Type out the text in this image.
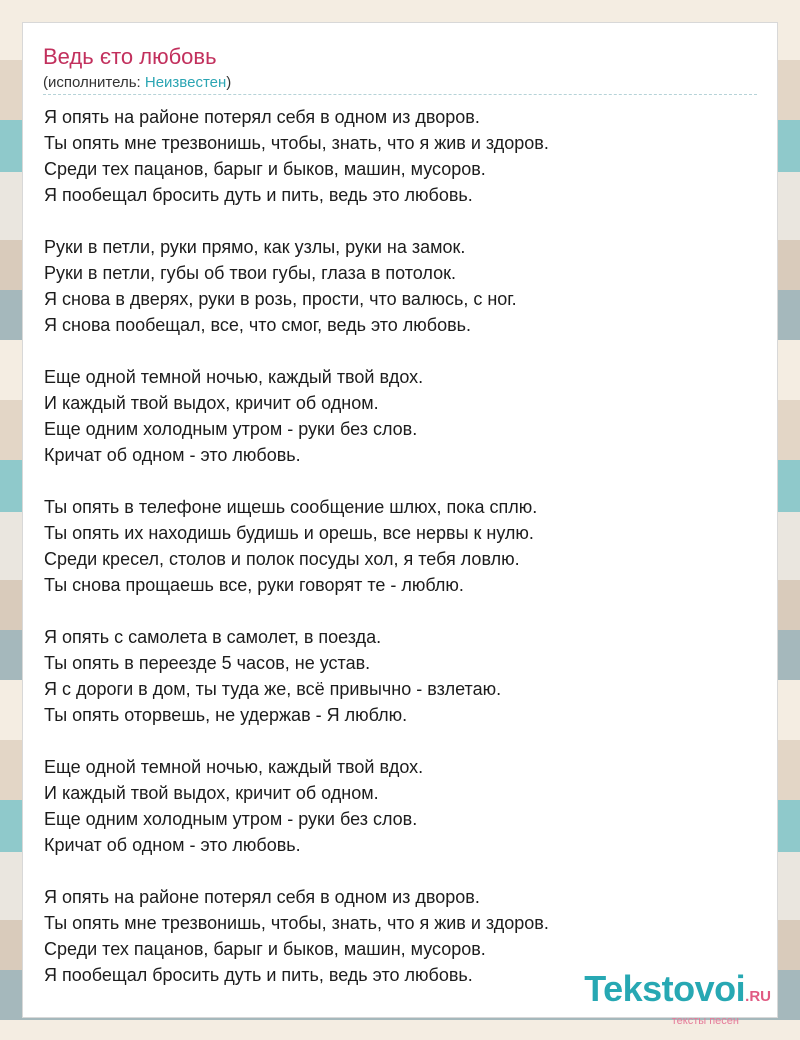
Ведь єто любовь
(исполнитель: Неизвестен)
Я опять на районе потерял себя в одном из дворов.
Ты опять мне трезвонишь, чтобы, знать, что я жив и здоров.
Среди тех пацанов, барыг и быков, машин, мусоров.
Я пообещал бросить дуть и пить, ведь это любовь.
Руки в петли, руки прямо, как узлы, руки на замок.
Руки в петли, губы об твои губы, глаза в потолок.
Я снова в дверях, руки в розь, прости, что валюсь, с ног.
Я снова пообещал, все, что смог, ведь это любовь.
Еще одной темной ночью, каждый твой вдох.
И каждый твой выдох, кричит об одном.
Еще одним холодным утром - руки без слов.
Кричат об одном - это любовь.
Ты опять в телефоне ищешь сообщение шлюх, пока сплю.
Ты опять их находишь будишь и орешь, все нервы к нулю.
Среди кресел, столов и полок посуды хол, я тебя ловлю.
Ты снова прощаешь все, руки говорят те - люблю.
Я опять с самолета в самолет, в поезда.
Ты опять в переезде 5 часов, не устав.
Я с дороги в дом, ты туда же, всё привычно - взлетаю.
Ты опять оторвешь, не удержав - Я люблю.
Еще одной темной ночью, каждый твой вдох.
И каждый твой выдох, кричит об одном.
Еще одним холодным утром - руки без слов.
Кричат об одном - это любовь.
Я опять на районе потерял себя в одном из дворов.
Ты опять мне трезвонишь, чтобы, знать, что я жив и здоров.
Среди тех пацанов, барыг и быков, машин, мусоров.
Я пообещал бросить дуть и пить, ведь это любовь.	Tekstovoi.RU
тексты песен
